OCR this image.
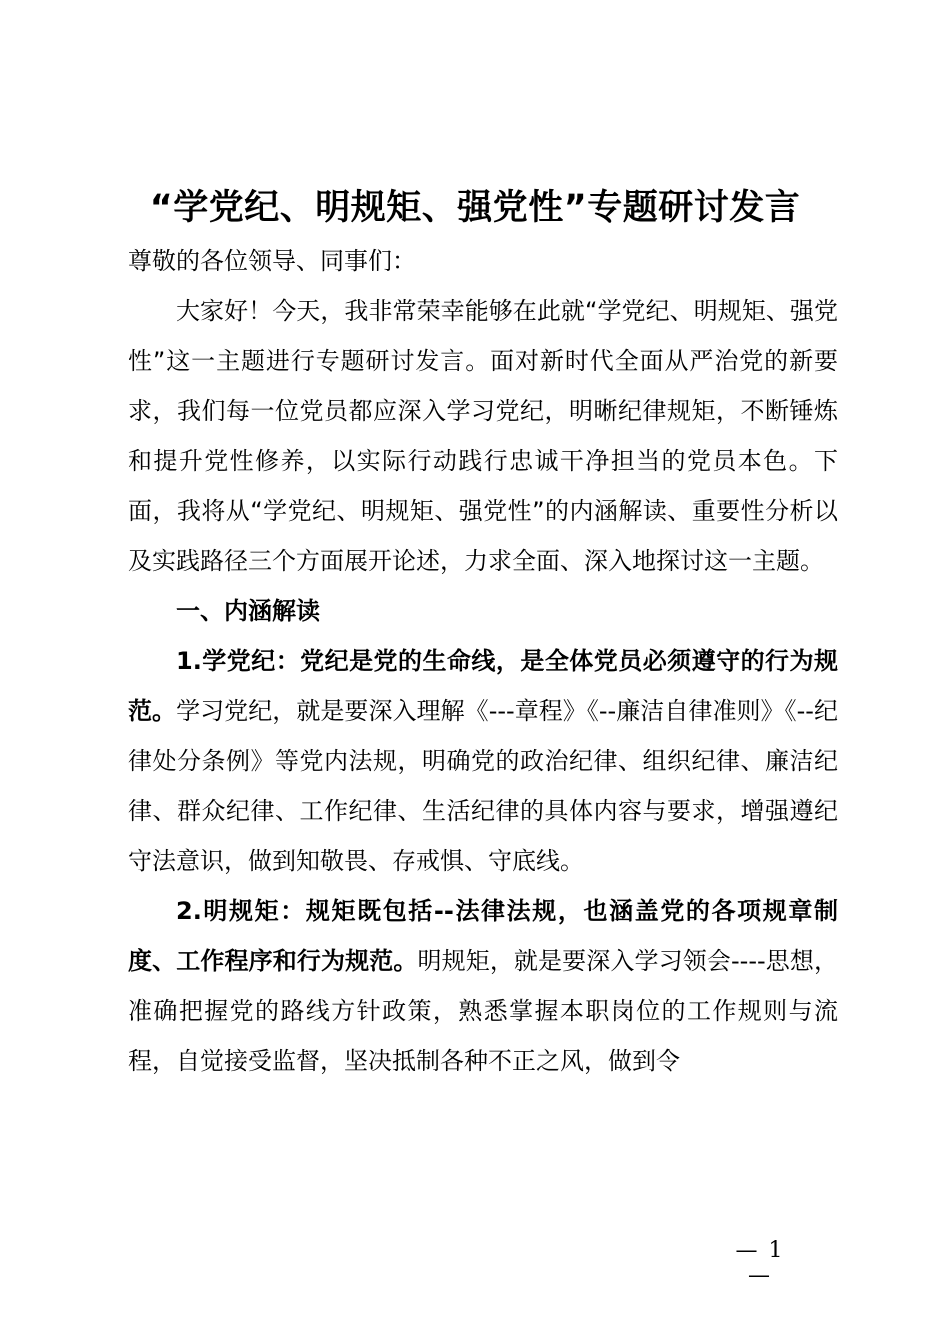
“学党纪、明规矩、强党性”专题研讨发言

尊敬的各位领导、同事们：

大家好！今天，我非常荣幸能够在此就“学党纪、明规矩、强党性”这一主题进行专题研讨发言。面对新时代全面从严治党的新要求，我们每一位党员都应深入学习党纪，明晰纪律规矩，不断锤炼和提升党性修养，以实际行动践行忠诚干净担当的党员本色。下面，我将从“学党纪、明规矩、强党性”的内涵解读、重要性分析以及实践路径三个方面展开论述，力求全面、深入地探讨这一主题。

一、内涵解读

1.学党纪：党纪是党的生命线，是全体党员必须遵守的行为规范。学习党纪，就是要深入理解《---章程》《--廉洁自律准则》《--纪律处分条例》等党内法规，明确党的政治纪律、组织纪律、廉洁纪律、群众纪律、工作纪律、生活纪律的具体内容与要求，增强遵纪守法意识，做到知敬畏、存戒惧、守底线。

2.明规矩：规矩既包括--法律法规，也涵盖党的各项规章制度、工作程序和行为规范。明规矩，就是要深入学习领会----思想，准确把握党的路线方针政策，熟悉掌握本职岗位的工作规则与流程，自觉接受监督，坚决抵制各种不正之风，做到令

— 1 —
